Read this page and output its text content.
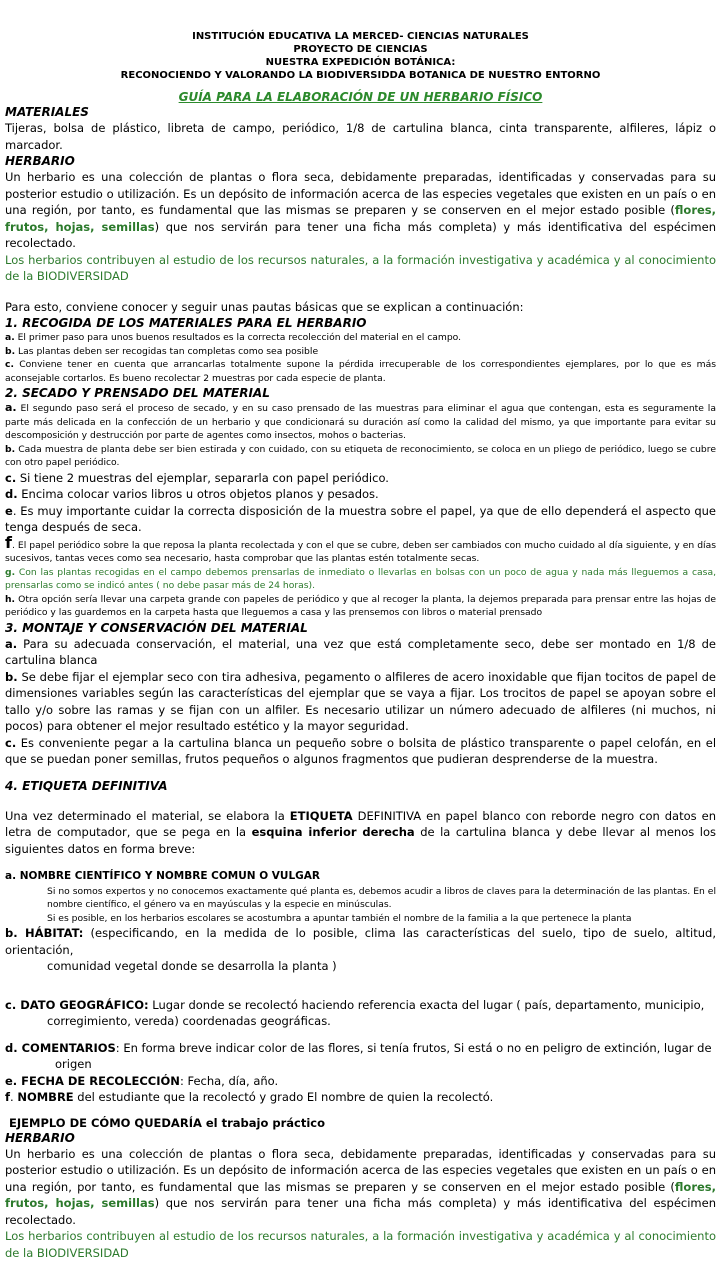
INSTITUCIÓN EDUCATIVA LA MERCED- CIENCIAS NATURALES
PROYECTO DE CIENCIAS
NUESTRA EXPEDICIÓN BOTÁNICA:
RECONOCIENDO Y VALORANDO LA BIODIVERSIDDA BOTANICA DE NUESTRO ENTORNO
GUÍA PARA LA ELABORACIÓN DE UN HERBARIO FÍSICO
MATERIALES

Tijeras, bolsa de plástico, libreta de campo, periódico, 1/8 de cartulina blanca, cinta transparente, alfileres, lápiz o marcador.

HERBARIO

Un herbario es una colección de plantas o flora seca, debidamente preparadas, identificadas y conservadas para su posterior estudio o utilización. Es un depósito de información acerca de las especies vegetales que existen en un país o en una región, por tanto, es fundamental que las mismas se preparen y se conserven en el mejor estado posible (flores, frutos, hojas, semillas) que nos servirán para tener una ficha más completa) y más identificativa del espécimen recolectado.

Los herbarios contribuyen al estudio de los recursos naturales, a la formación investigativa y académica y al conocimiento de la BIODIVERSIDAD

Para esto, conviene conocer y seguir unas pautas básicas que se explican a continuación:

1. RECOGIDA DE LOS MATERIALES PARA EL HERBARIO

a. El primer paso para unos buenos resultados es la correcta recolección del material en el campo.

b. Las plantas deben ser recogidas tan completas como sea posible

c. Conviene tener en cuenta que arrancarlas totalmente supone la pérdida irrecuperable de los correspondientes ejemplares, por lo que es más aconsejable cortarlos. Es bueno recolectar 2 muestras por cada especie de planta.

2. SECADO Y PRENSADO DEL MATERIAL

a. El segundo paso será el proceso de secado, y en su caso prensado de las muestras para eliminar el agua que contengan, esta es seguramente la parte más delicada en la confección de un herbario y que condicionará su duración así como la calidad del mismo, ya que importante para evitar su descomposición y destrucción por parte de agentes como insectos, mohos o bacterias.

b. Cada muestra de planta debe ser bien estirada y con cuidado, con su etiqueta de reconocimiento, se coloca en un pliego de periódico, luego se cubre con otro papel periódico.

c. Si tiene 2 muestras del ejemplar, separarla con papel periódico.

d. Encima colocar varios libros u otros objetos planos y pesados.

e. Es muy importante cuidar la correcta disposición de la muestra sobre el papel, ya que de ello dependerá el aspecto que tenga después de seca.

f. El papel periódico sobre la que reposa la planta recolectada y con el que se cubre, deben ser cambiados con mucho cuidado al día siguiente, y en días sucesivos, tantas veces como sea necesario, hasta comprobar que las plantas estén totalmente secas.

g. Con las plantas recogidas en el campo debemos prensarlas de inmediato o llevarlas en bolsas con un poco de agua y nada más lleguemos a casa, prensarlas como se indicó antes ( no debe pasar más de 24 horas).

h. Otra opción sería llevar una carpeta grande con papeles de periódico y que al recoger la planta, la dejemos preparada para prensar entre las hojas de periódico y las guardemos en la carpeta hasta que lleguemos a casa y las prensemos con libros o material prensado

3. MONTAJE Y CONSERVACIÓN DEL MATERIAL

a. Para su adecuada conservación, el material, una vez que está completamente seco, debe ser montado en 1/8 de cartulina blanca

b. Se debe fijar el ejemplar seco con tira adhesiva, pegamento o alfileres de acero inoxidable que fijan tocitos de papel de dimensiones variables según las características del ejemplar que se vaya a fijar. Los trocitos de papel se apoyan sobre el tallo y/o sobre las ramas y se fijan con un alfiler. Es necesario utilizar un número adecuado de alfileres (ni muchos, ni pocos) para obtener el mejor resultado estético y la mayor seguridad.

c. Es conveniente pegar a la cartulina blanca un pequeño sobre o bolsita de plástico transparente o papel celofán, en el que se puedan poner semillas, frutos pequeños o algunos fragmentos que pudieran desprenderse de la muestra.

4. ETIQUETA DEFINITIVA

Una vez determinado el material, se elabora la ETIQUETA DEFINITIVA en papel blanco con reborde negro con datos en letra de computador, que se pega en la esquina inferior derecha de la cartulina blanca y debe llevar al menos los siguientes datos en forma breve:

a. NOMBRE CIENTÍFICO Y NOMBRE COMUN O VULGAR

Si no somos expertos y no conocemos exactamente qué planta es, debemos acudir a libros de claves para la determinación de las plantas. En el nombre científico, el género va en mayúsculas y la especie en minúsculas.

Si es posible, en los herbarios escolares se acostumbra a apuntar también el nombre de la familia a la que pertenece la planta

b. HÁBITAT: (especificando, en la medida de lo posible, clima las características del suelo, tipo de suelo, altitud, orientación,

comunidad vegetal donde se desarrolla la planta )

c. DATO GEOGRÁFICO: Lugar donde se recolectó haciendo referencia exacta del lugar ( país, departamento, municipio,

corregimiento, vereda) coordenadas geográficas.

d. COMENTARIOS: En forma breve indicar color de las flores, si tenía frutos, Si está o no en peligro de extinción, lugar de

origen

e. FECHA DE RECOLECCIÓN: Fecha, día, año.

f. NOMBRE del estudiante que la recolectó y grado El nombre de quien la recolectó.

EJEMPLO DE CÓMO QUEDARÍA el trabajo práctico

HERBARIO

Un herbario es una colección de plantas o flora seca, debidamente preparadas, identificadas y conservadas para su posterior estudio o utilización. Es un depósito de información acerca de las especies vegetales que existen en un país o en una región, por tanto, es fundamental que las mismas se preparen y se conserven en el mejor estado posible (flores, frutos, hojas, semillas) que nos servirán para tener una ficha más completa) y más identificativa del espécimen recolectado.

Los herbarios contribuyen al estudio de los recursos naturales, a la formación investigativa y académica y al conocimiento de la BIODIVERSIDAD
